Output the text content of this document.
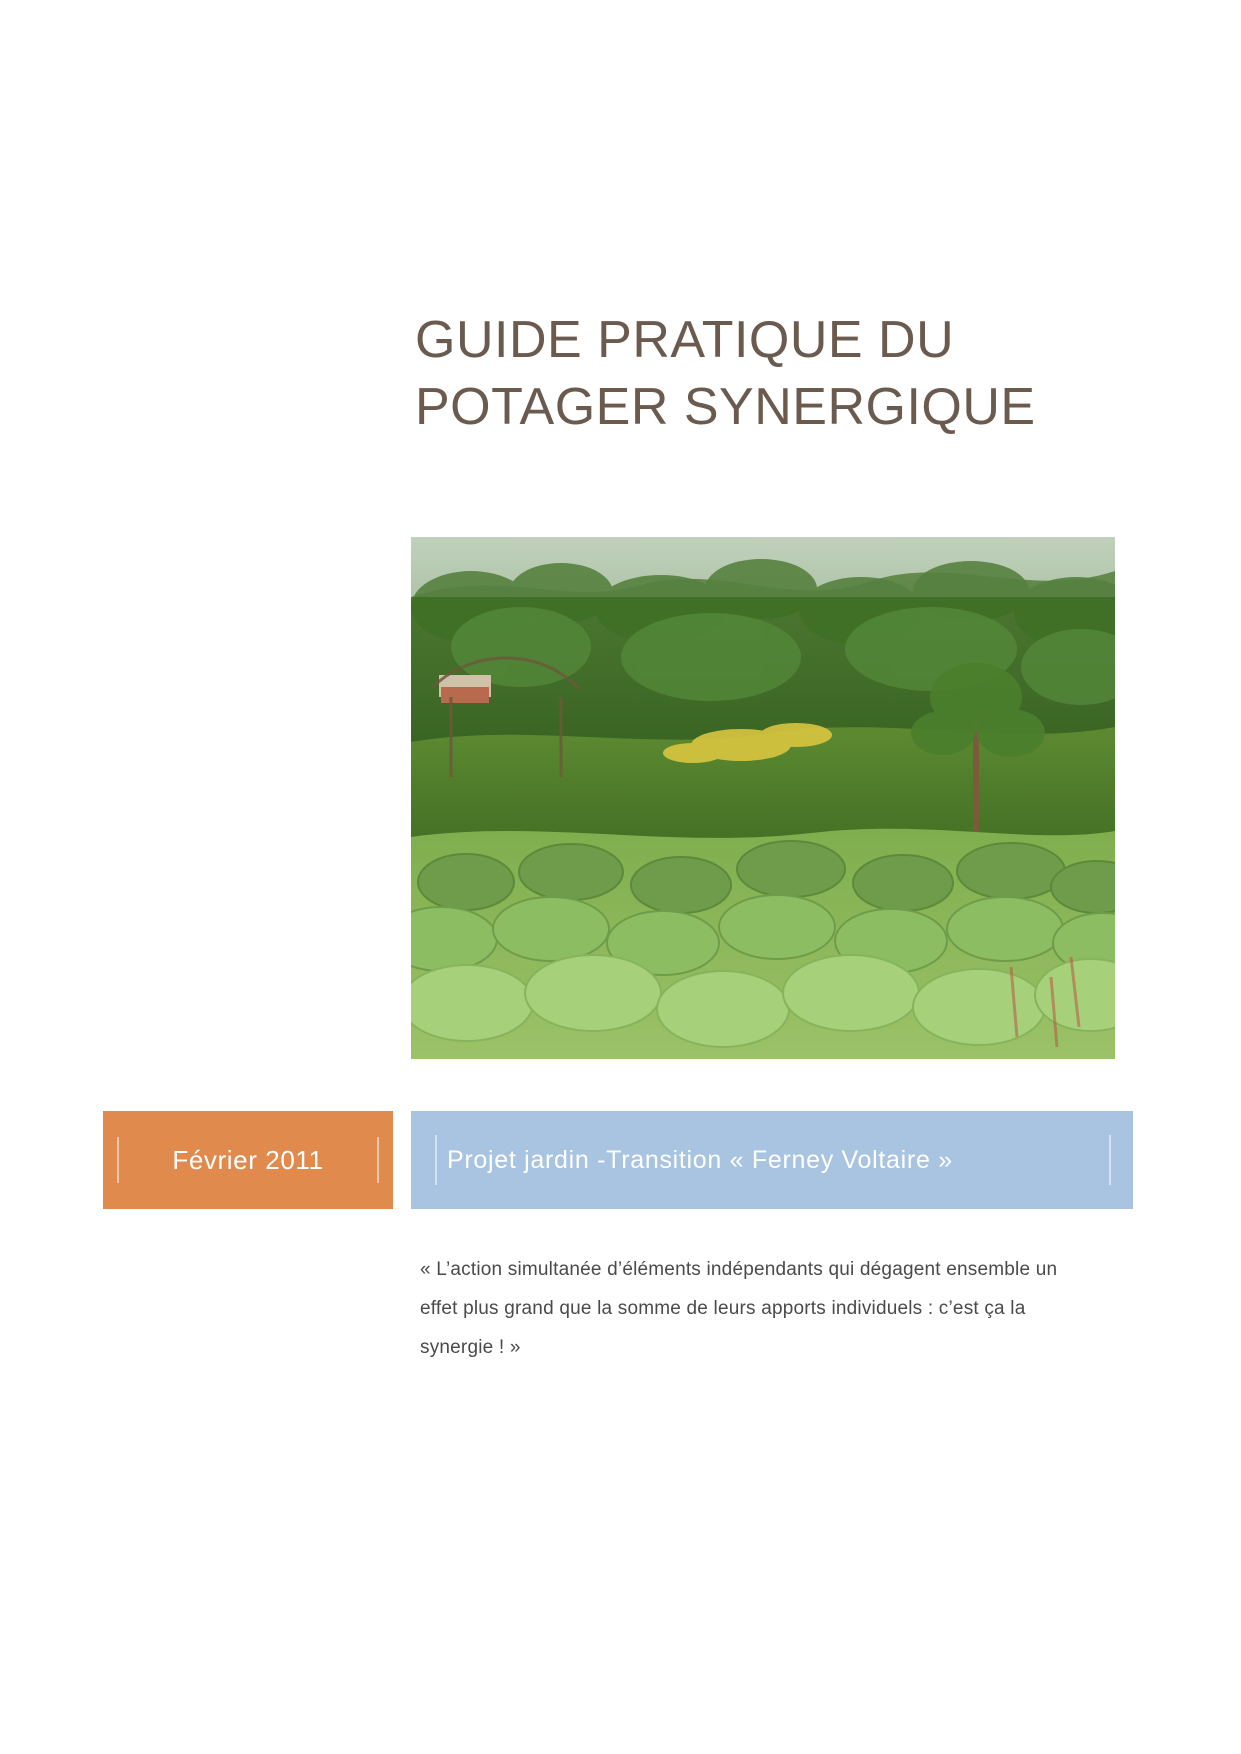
GUIDE PRATIQUE DU POTAGER SYNERGIQUE
Février 2011	Projet jardin -Transition « Ferney Voltaire »

« L’action simultanée d’éléments indépendants qui dégagent ensemble un effet plus grand que la somme de leurs apports individuels : c’est ça la synergie ! »
